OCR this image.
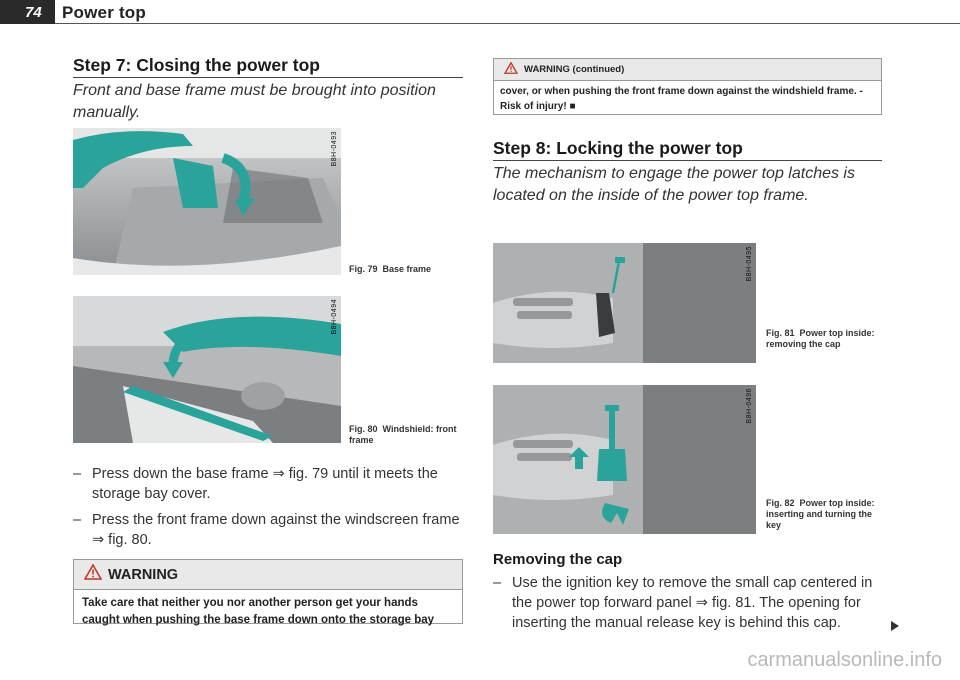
74 Power top
Step 7: Closing the power top
Front and base frame must be brought into position manually.
B8H-0493
Fig. 79 Base frame
B8H-0494
Fig. 80 Windshield: front frame
– Press down the base frame ⇒ fig. 79 until it meets the storage bay cover.
– Press the front frame down against the windscreen frame ⇒ fig. 80.
WARNING
Take care that neither you nor another person get your hands caught when pushing the base frame down onto the storage bay
WARNING (continued)
cover, or when pushing the front frame down against the windshield frame. - Risk of injury! ■
Step 8: Locking the power top
The mechanism to engage the power top latches is located on the inside of the power top frame.
B8H-0495
Fig. 81 Power top inside: removing the cap
B8H-0496
Fig. 82 Power top inside: inserting and turning the key
Removing the cap
– Use the ignition key to remove the small cap centered in the power top forward panel ⇒ fig. 81. The opening for inserting the manual release key is behind this cap.
carmanualsonline.info
